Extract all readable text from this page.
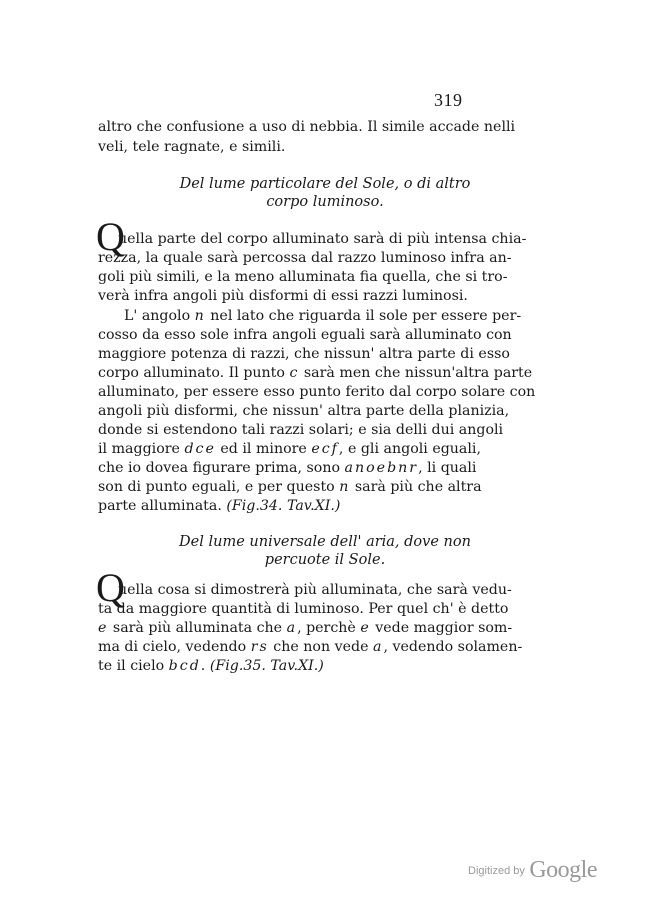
319
altro che confusione a uso di nebbia. Il simile accade nelli
veli, tele ragnate, e simili.
Del lume particolare del Sole, o di altro
corpo luminoso.
Q
uella parte del corpo alluminato sarà di più intensa chia-
rezza, la quale sarà percossa dal razzo luminoso infra an-
goli più simili, e la meno alluminata fia quella, che si tro-
verà infra angoli più disformi di essi razzi luminosi.
L' angolo n nel lato che riguarda il sole per essere per-
cosso da esso sole infra angoli eguali sarà alluminato con
maggiore potenza di razzi, che nissun' altra parte di esso
corpo alluminato. Il punto c sarà men che nissun'altra parte
alluminato, per essere esso punto ferito dal corpo solare con
angoli più disformi, che nissun' altra parte della planizia,
donde si estendono tali razzi solari; e sia delli dui angoli
il maggiore dce ed il minore ecf, e gli angoli eguali,
che io dovea figurare prima, sono anoebnr, li quali
son di punto eguali, e per questo n sarà più che altra
parte alluminata. (Fig.34. Tav.XI.)
Del lume universale dell' aria, dove non
percuote il Sole.
Q
uella cosa si dimostrerà più alluminata, che sarà vedu-
ta da maggiore quantità di luminoso. Per quel ch' è detto
e sarà più alluminata che a, perchè e vede maggior som-
ma di cielo, vedendo rs che non vede a, vedendo solamen-
te il cielo bcd. (Fig.35. Tav.XI.)
Digitized by Google
